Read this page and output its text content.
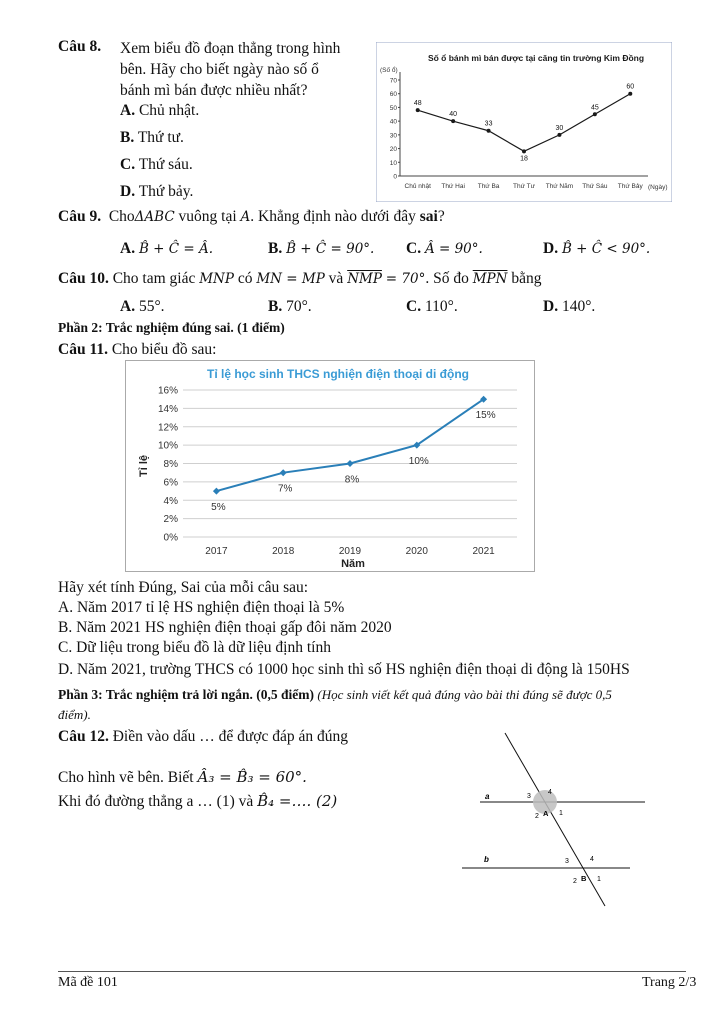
Câu 8. Xem biểu đồ đoạn thẳng trong hình
bên. Hãy cho biết ngày nào số ổ
bánh mì bán được nhiều nhất?
A. Chủ nhật.
B. Thứ tư.
C. Thứ sáu.
D. Thứ bảy.
Số ổ bánh mì bán được tại căng tin trường Kim Đồng
(Số ổ)
(Ngày)
0
10
20
30
40
50
60
70
Chủ nhật Thứ Hai Thứ Ba Thứ Tư Thứ Năm Thứ Sáu Thứ Bảy
48
40
33
18
30
45
60
Câu 9. ChoΔABC vuông tại A. Khẳng định nào dưới đây sai?
A. B̂ + Ĉ = Â.	B. B̂ + Ĉ = 90°. C. Â = 90°.	D. B̂ + Ĉ < 90°.
Câu 10. Cho tam giác MNP có MN = MP và $\overline{NMP} = 70^\circ$. Số đo $\overline{MPN}$ bằng
A. 55°.	B. 70°.	C. 110°.	D. 140°.
Phần 2: Trắc nghiệm đúng sai. (1 điểm)
Câu 11. Cho biểu đồ sau:
Tỉ lệ học sinh THCS nghiện điện thoại di động
Tỉ lệ
Năm
0%
2%
4%
6%
8%
10%
12%
14%
16%
2017	2018	2019	2020	2021
5%
7%
8%
10%
15%
Hãy xét tính Đúng, Sai của mỗi câu sau:
A. Năm 2017 tỉ lệ HS nghiện điện thoại là 5%
B. Năm 2021 HS nghiện điện thoại gấp đôi năm 2020
C. Dữ liệu trong biểu đồ là dữ liệu định tính
D. Năm 2021, trường THCS có 1000 học sinh thì số HS nghiện điện thoại di động là 150HS
Phần 3: Trắc nghiệm trả lời ngắn. (0,5 điểm) (Học sinh viết kết quả đúng vào bài thi đúng sẽ được 0,5
điểm).
Câu 12. Điền vào dấu … để được đáp án đúng
Cho hình vẽ bên. Biết Â₃ = B̂₃ = 60°.
Khi đó đường thẳng a … (1) và B̂₄ =…. (2)	a
b
A
B
1
2
3
4
1
2
3	4
Mã đề 101	Trang 2/3
